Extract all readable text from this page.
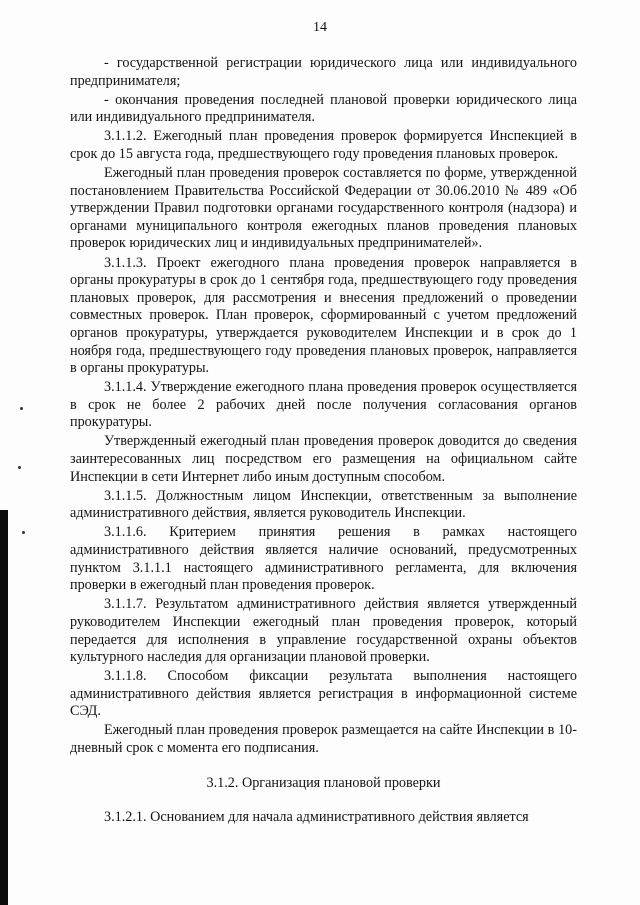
14

- государственной регистрации юридического лица или индивидуального предпринимателя;

- окончания проведения последней плановой проверки юридического лица или индивидуального предпринимателя.

3.1.1.2. Ежегодный план проведения проверок формируется Инспекцией в срок до 15 августа года, предшествующего году проведения плановых проверок.

Ежегодный план проведения проверок составляется по форме, утвержденной постановлением Правительства Российской Федерации от 30.06.2010 № 489 «Об утверждении Правил подготовки органами государственного контроля (надзора) и органами муниципального контроля ежегодных планов проведения плановых проверок юридических лиц и индивидуальных предпринимателей».

3.1.1.3. Проект ежегодного плана проведения проверок направляется в органы прокуратуры в срок до 1 сентября года, предшествующего году проведения плановых проверок, для рассмотрения и внесения предложений о проведении совместных проверок. План проверок, сформированный с учетом предложений органов прокуратуры, утверждается руководителем Инспекции и в срок до 1 ноября года, предшествующего году проведения плановых проверок, направляется в органы прокуратуры.

3.1.1.4. Утверждение ежегодного плана проведения проверок осуществляется в срок не более 2 рабочих дней после получения согласования органов прокуратуры.

Утвержденный ежегодный план проведения проверок доводится до сведения заинтересованных лиц посредством его размещения на официальном сайте Инспекции в сети Интернет либо иным доступным способом.

3.1.1.5. Должностным лицом Инспекции, ответственным за выполнение административного действия, является руководитель Инспекции.

3.1.1.6. Критерием принятия решения в рамках настоящего административного действия является наличие оснований, предусмотренных пунктом 3.1.1.1 настоящего административного регламента, для включения проверки в ежегодный план проведения проверок.

3.1.1.7. Результатом административного действия является утвержденный руководителем Инспекции ежегодный план проведения проверок, который передается для исполнения в управление государственной охраны объектов культурного наследия для организации плановой проверки.

3.1.1.8. Способом фиксации результата выполнения настоящего административного действия является регистрация в информационной системе СЭД.

Ежегодный план проведения проверок размещается на сайте Инспекции в 10-дневный срок с момента его подписания.

3.1.2. Организация плановой проверки

3.1.2.1. Основанием для начала административного действия является
